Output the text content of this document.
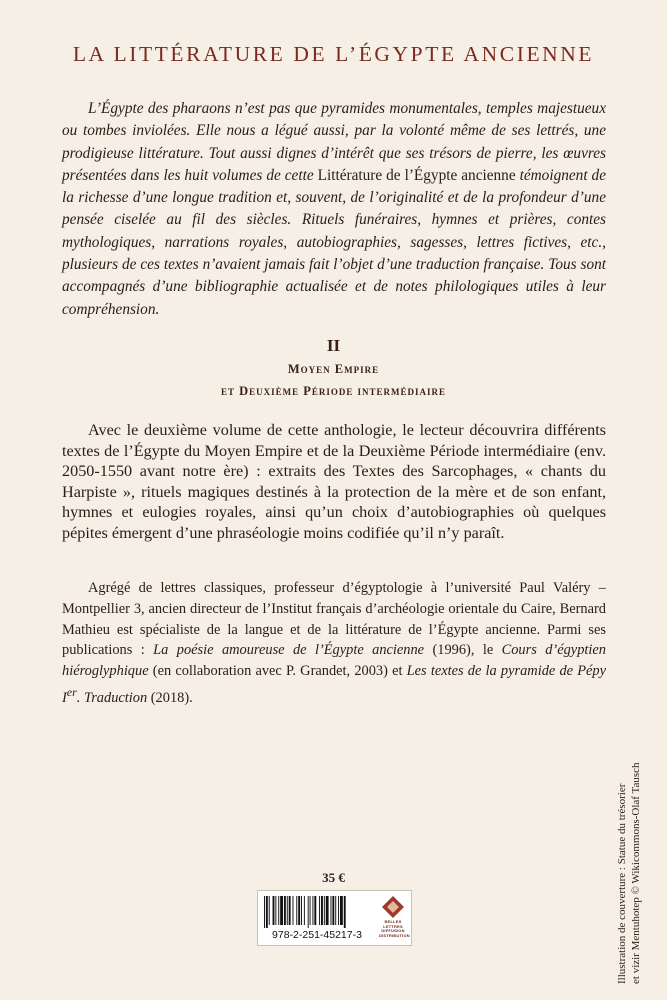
LA LITTÉRATURE DE L’ÉGYPTE ANCIENNE

L’Égypte des pharaons n’est pas que pyramides monumentales, temples majestueux ou tombes inviolées. Elle nous a légué aussi, par la volonté même de ses lettrés, une prodigieuse littérature. Tout aussi dignes d’intérêt que ses trésors de pierre, les œuvres présentées dans les huit volumes de cette Littérature de l’Égypte ancienne témoignent de la richesse d’une longue tradition et, souvent, de l’originalité et de la profondeur d’une pensée ciselée au fil des siècles. Rituels funéraires, hymnes et prières, contes mythologiques, narrations royales, autobiographies, sagesses, lettres fictives, etc., plusieurs de ces textes n’avaient jamais fait l’objet d’une traduction française. Tous sont accompagnés d’une bibliographie actualisée et de notes philologiques utiles à leur compréhension.

II
Moyen Empire
et Deuxième Période intermédiaire

Avec le deuxième volume de cette anthologie, le lecteur découvrira différents textes de l’Égypte du Moyen Empire et de la Deuxième Période intermédiaire (env. 2050-1550 avant notre ère) : extraits des Textes des Sarcophages, « chants du Harpiste », rituels magiques destinés à la protection de la mère et de son enfant, hymnes et eulogies royales, ainsi qu’un choix d’autobiographies où quelques pépites émergent d’une phraséologie moins codifiée qu’il n’y paraît.

Agrégé de lettres classiques, professeur d’égyptologie à l’université Paul Valéry – Montpellier 3, ancien directeur de l’Institut français d’archéologie orientale du Caire, Bernard Mathieu est spécialiste de la langue et de la littérature de l’Égypte ancienne. Parmi ses publications : La poésie amoureuse de l’Égypte ancienne (1996), le Cours d’égyptien hiéroglyphique (en collaboration avec P. Grandet, 2003) et Les textes de la pyramide de Pépy Ier. Traduction (2018).

Illustration de couverture : Statue du trésorier et vizir Mentuhotep © Wikicommons-Olaf Tausch
35 €
978-2-251-45217-3
BELLES LETTRES
DIFFUSION
DISTRIBUTION
